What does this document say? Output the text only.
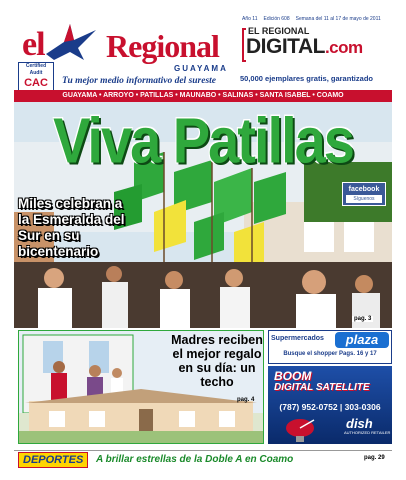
el Regional
GUAYAMA
Certified Audit
CAC	Tu mejor medio informativo del sureste
Año 11 Edición 608 Semana del 11 al 17 de mayo de 2011
EL REGIONAL
DIGITAL.com
50,000 ejemplares gratis, garantizado
GUAYAMA • ARROYO • PATILLAS • MAUNABO • SALINAS • SANTA ISABEL • COAMO
Viva Patillas
Miles celebran a la Esmeralda del Sur en su bicentenario
facebook
Síguenos
pag. 3
Madres reciben el mejor regalo en su día: un techo
pag. 4
Supermercados	plaza
Busque el shopper Pags. 16 y 17
BOOM
DIGITAL SATELLITE
(787) 952-0752 | 303-0306
dish
AUTHORIZED RETAILER
DEPORTES	A brillar estrellas de la Doble A en Coamo	pag. 29
